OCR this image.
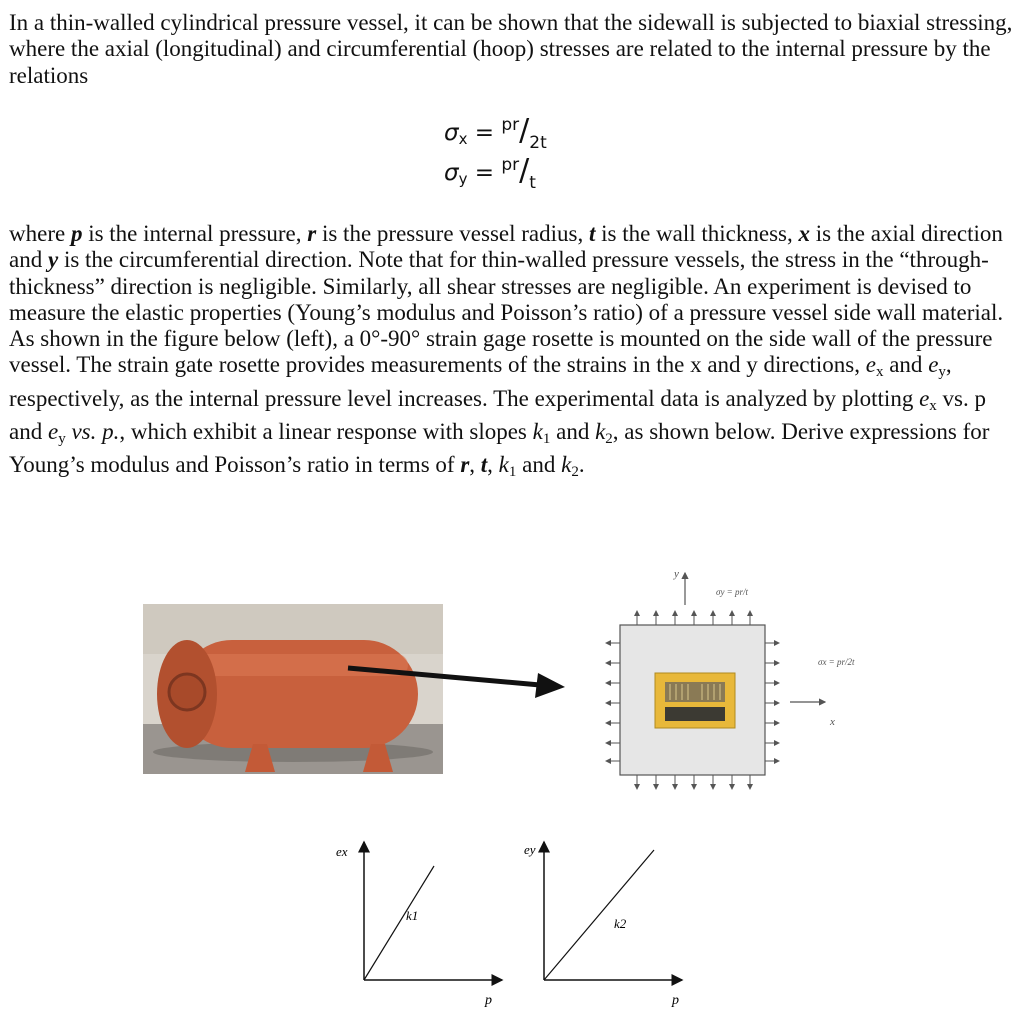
In a thin-walled cylindrical pressure vessel, it can be shown that the sidewall is subjected to biaxial stressing, where the axial (longitudinal) and circumferential (hoop) stresses are related to the internal pressure by the relations

$\sigma_x = ^{pr}/_{2t}$
$\sigma_y = ^{pr}/_t$

where p is the internal pressure, r is the pressure vessel radius, t is the wall thickness, x is the axial direction and y is the circumferential direction. Note that for thin-walled pressure vessels, the stress in the “through-thickness” direction is negligible. Similarly, all shear stresses are negligible. An experiment is devised to measure the elastic properties (Young’s modulus and Poisson’s ratio) of a pressure vessel side wall material. As shown in the figure below (left), a 0°-90° strain gage rosette is mounted on the side wall of the pressure vessel. The strain gate rosette provides measurements of the strains in the x and y directions, $e_x$ and $e_y$, respectively, as the internal pressure level increases. The experimental data is analyzed by plotting $e_x$ vs. p and $e_y$ vs. p., which exhibit a linear response with slopes $k_1$ and $k_2$, as shown below. Derive expressions for Young’s modulus and Poisson’s ratio in terms of r, t, $k_1$ and $k_2$.

y
σy = pr/t
x
σx = pr/2t
ex
k1
p
ey
k2
p
